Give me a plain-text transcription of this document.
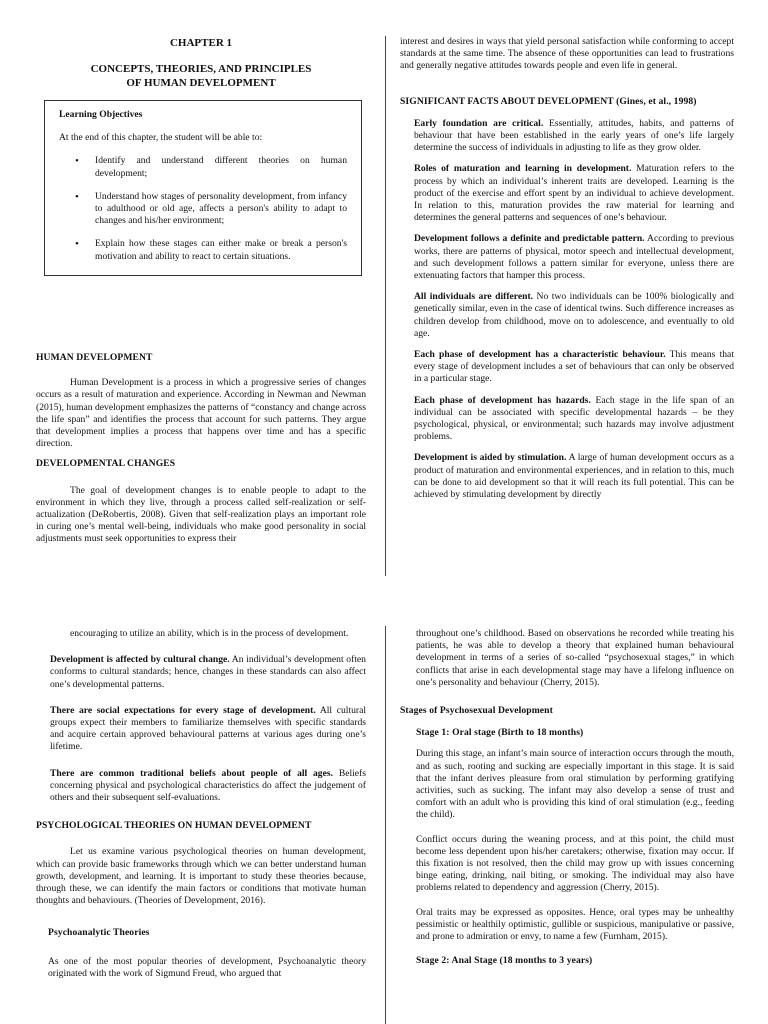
CHAPTER 1
CONCEPTS, THEORIES, AND PRINCIPLES
OF HUMAN DEVELOPMENT
Learning Objectives
At the end of this chapter, the student will be able to:
• Identify and understand different theories on human development;
• Understand how stages of personality development, from infancy to adulthood or old age, affects a person's ability to adapt to changes and his/her environment;
• Explain how these stages can either make or break a person's motivation and ability to react to certain situations.
HUMAN DEVELOPMENT

Human Development is a process in which a progressive series of changes occurs as a result of maturation and experience. According in Newman and Newman (2015), human development emphasizes the patterns of “constancy and change across the life span” and identifies the process that account for such patterns. They argue that development implies a process that happens over time and has a specific direction.

DEVELOPMENTAL CHANGES

The goal of development changes is to enable people to adapt to the environment in which they live, through a process called self-realization or self-actualization (DeRobertis, 2008). Given that self-realization plays an important role in curing one’s mental well-being, individuals who make good personality in social adjustments must seek opportunities to express their

interest and desires in ways that yield personal satisfaction while conforming to accept standards at the same time. The absence of these opportunities can lead to frustrations and generally negative attitudes towards people and even life in general.

SIGNIFICANT FACTS ABOUT DEVELOPMENT (Gines, et al., 1998)
Early foundation are critical. Essentially, attitudes, habits, and patterns of behaviour that have been established in the early years of one’s life largely determine the success of individuals in adjusting to life as they grow older.
Roles of maturation and learning in development. Maturation refers to the process by which an individual’s inherent traits are developed. Learning is the product of the exercise and effort spent by an individual to achieve development. In relation to this, maturation provides the raw material for learning and determines the general patterns and sequences of one’s behaviour.
Development follows a definite and predictable pattern. According to previous works, there are patterns of physical, motor speech and intellectual development, and such development follows a pattern similar for everyone, unless there are extenuating factors that hamper this process.
All individuals are different. No two individuals can be 100% biologically and genetically similar, even in the case of identical twins. Such difference increases as children develop from childhood, move on to adolescence, and eventually to old age.
Each phase of development has a characteristic behaviour. This means that every stage of development includes a set of behaviours that can only be observed in a particular stage.
Each phase of development has hazards. Each stage in the life span of an individual can be associated with specific developmental hazards – be they psychological, physical, or environmental; such hazards may involve adjustment problems.
Development is aided by stimulation. A large of human development occurs as a product of maturation and environmental experiences, and in relation to this, much can be done to aid development so that it will reach its full potential. This can be achieved by stimulating development by directly

encouraging to utilize an ability, which is in the process of development.

Development is affected by cultural change. An individual’s development often conforms to cultural standards; hence, changes in these standards can also affect one’s developmental patterns.
There are social expectations for every stage of development. All cultural groups expect their members to familiarize themselves with specific standards and acquire certain approved behavioural patterns at various ages during one’s lifetime.
There are common traditional beliefs about people of all ages. Beliefs concerning physical and psychological characteristics do affect the judgement of others and their subsequent self-evaluations.
PSYCHOLOGICAL THEORIES ON HUMAN DEVELOPMENT

Let us examine various psychological theories on human development, which can provide basic frameworks through which we can better understand human growth, development, and learning. It is important to study these theories because, through these, we can identify the main factors or conditions that motivate human thoughts and behaviours. (Theories of Development, 2016).

Psychoanalytic Theories

As one of the most popular theories of development, Psychoanalytic theory originated with the work of Sigmund Freud, who argued that

throughout one’s childhood. Based on observations he recorded while treating his patients, he was able to develop a theory that explained human behavioural development in terms of a series of so-called “psychosexual stages,” in which conflicts that arise in each developmental stage may have a lifelong influence on one’s personality and behaviour (Cherry, 2015).

Stages of Psychosexual Development
Stage 1: Oral stage (Birth to 18 months)

During this stage, an infant’s main source of interaction occurs through the mouth, and as such, rooting and sucking are especially important in this stage. It is said that the infant derives pleasure from oral stimulation by performing gratifying activities, such as sucking. The infant may also develop a sense of trust and comfort with an adult who is providing this kind of oral stimulation (e.g., feeding the child).

Conflict occurs during the weaning process, and at this point, the child must become less dependent upon his/her caretakers; otherwise, fixation may occur. If this fixation is not resolved, then the child may grow up with issues concerning binge eating, drinking, nail biting, or smoking. The individual may also have problems related to dependency and aggression (Cherry, 2015).

Oral traits may be expressed as opposites. Hence, oral types may be unhealthy pessimistic or healthily optimistic, gullible or suspicious, manipulative or passive, and prone to admiration or envy, to name a few (Furnham, 2015).

Stage 2: Anal Stage (18 months to 3 years)
